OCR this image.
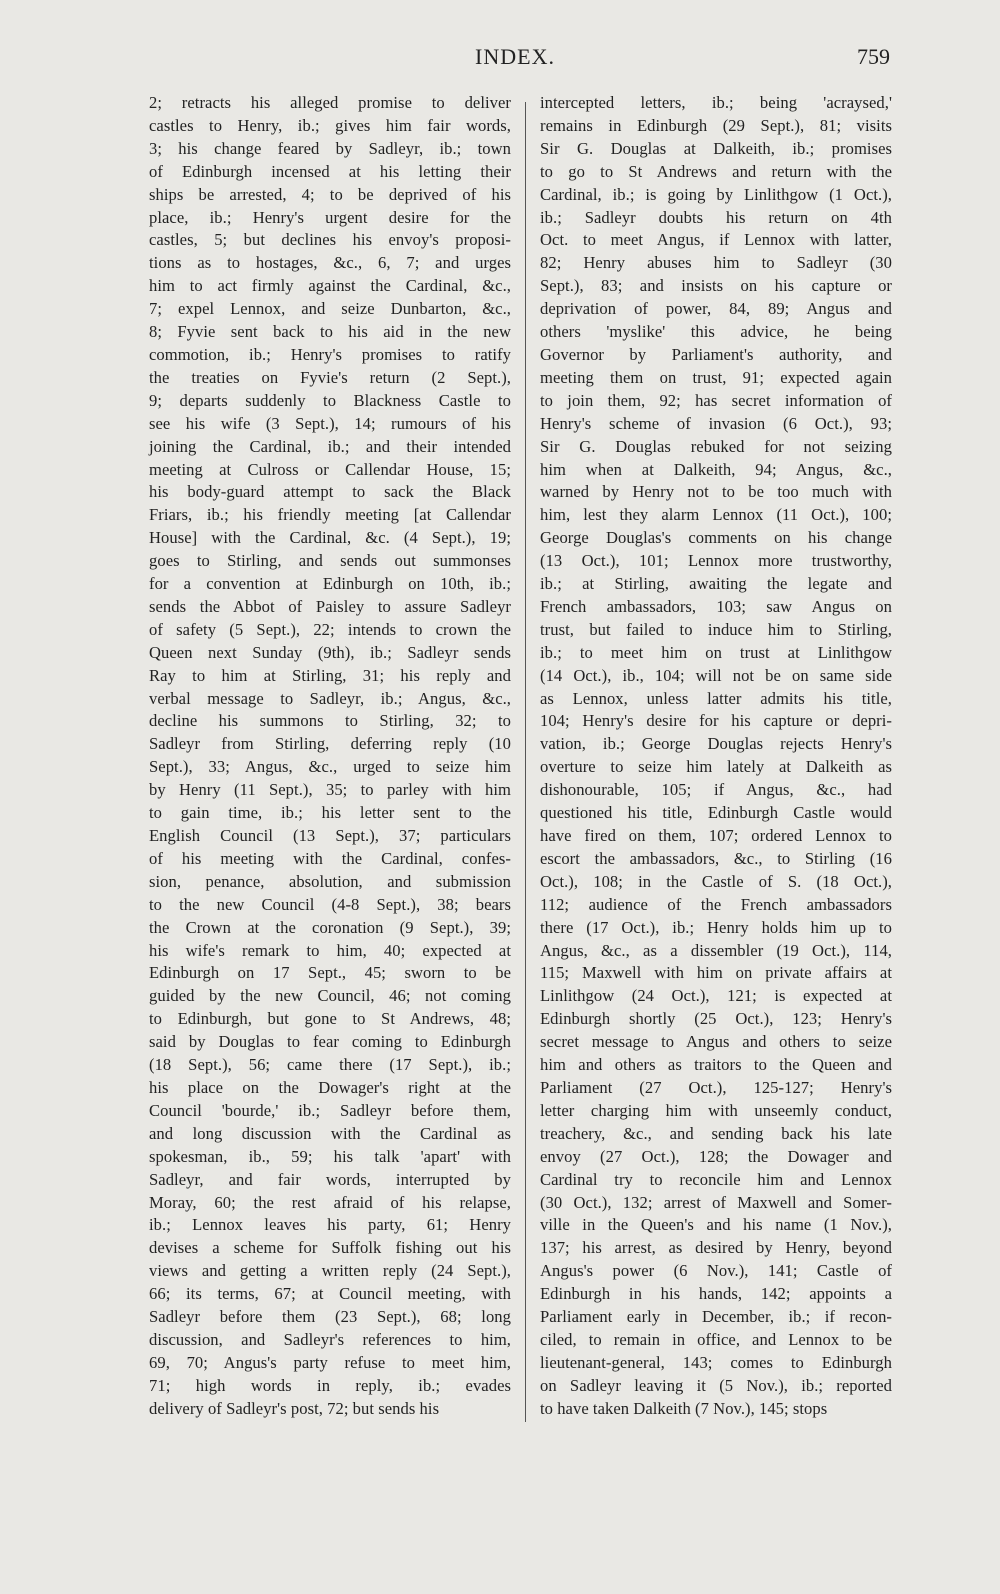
INDEX.	759
2; retracts his alleged promise to deliver
castles to Henry, ib.; gives him fair words,
3; his change feared by Sadleyr, ib.; town
of Edinburgh incensed at his letting their
ships be arrested, 4; to be deprived of his
place, ib.; Henry's urgent desire for the
castles, 5; but declines his envoy's proposi-
tions as to hostages, &c., 6, 7; and urges
him to act firmly against the Cardinal, &c.,
7; expel Lennox, and seize Dunbarton, &c.,
8; Fyvie sent back to his aid in the new
commotion, ib.; Henry's promises to ratify
the treaties on Fyvie's return (2 Sept.),
9; departs suddenly to Blackness Castle to
see his wife (3 Sept.), 14; rumours of his
joining the Cardinal, ib.; and their intended
meeting at Culross or Callendar House, 15;
his body-guard attempt to sack the Black
Friars, ib.; his friendly meeting [at Callendar
House] with the Cardinal, &c. (4 Sept.), 19;
goes to Stirling, and sends out summonses
for a convention at Edinburgh on 10th, ib.;
sends the Abbot of Paisley to assure Sadleyr
of safety (5 Sept.), 22; intends to crown the
Queen next Sunday (9th), ib.; Sadleyr sends
Ray to him at Stirling, 31; his reply and
verbal message to Sadleyr, ib.; Angus, &c.,
decline his summons to Stirling, 32; to
Sadleyr from Stirling, deferring reply (10
Sept.), 33; Angus, &c., urged to seize him
by Henry (11 Sept.), 35; to parley with him
to gain time, ib.; his letter sent to the
English Council (13 Sept.), 37; particulars
of his meeting with the Cardinal, confes-
sion, penance, absolution, and submission
to the new Council (4-8 Sept.), 38; bears
the Crown at the coronation (9 Sept.), 39;
his wife's remark to him, 40; expected at
Edinburgh on 17 Sept., 45; sworn to be
guided by the new Council, 46; not coming
to Edinburgh, but gone to St Andrews, 48;
said by Douglas to fear coming to Edinburgh
(18 Sept.), 56; came there (17 Sept.), ib.;
his place on the Dowager's right at the
Council 'bourde,' ib.; Sadleyr before them,
and long discussion with the Cardinal as
spokesman, ib., 59; his talk 'apart' with
Sadleyr, and fair words, interrupted by
Moray, 60; the rest afraid of his relapse,
ib.; Lennox leaves his party, 61; Henry
devises a scheme for Suffolk fishing out his
views and getting a written reply (24 Sept.),
66; its terms, 67; at Council meeting, with
Sadleyr before them (23 Sept.), 68; long
discussion, and Sadleyr's references to him,
69, 70; Angus's party refuse to meet him,
71; high words in reply, ib.; evades
delivery of Sadleyr's post, 72; but sends his
intercepted letters, ib.; being 'acraysed,'
remains in Edinburgh (29 Sept.), 81; visits
Sir G. Douglas at Dalkeith, ib.; promises
to go to St Andrews and return with the
Cardinal, ib.; is going by Linlithgow (1 Oct.),
ib.; Sadleyr doubts his return on 4th
Oct. to meet Angus, if Lennox with latter,
82; Henry abuses him to Sadleyr (30
Sept.), 83; and insists on his capture or
deprivation of power, 84, 89; Angus and
others 'myslike' this advice, he being
Governor by Parliament's authority, and
meeting them on trust, 91; expected again
to join them, 92; has secret information of
Henry's scheme of invasion (6 Oct.), 93;
Sir G. Douglas rebuked for not seizing
him when at Dalkeith, 94; Angus, &c.,
warned by Henry not to be too much with
him, lest they alarm Lennox (11 Oct.), 100;
George Douglas's comments on his change
(13 Oct.), 101; Lennox more trustworthy,
ib.; at Stirling, awaiting the legate and
French ambassadors, 103; saw Angus on
trust, but failed to induce him to Stirling,
ib.; to meet him on trust at Linlithgow
(14 Oct.), ib., 104; will not be on same side
as Lennox, unless latter admits his title,
104; Henry's desire for his capture or depri-
vation, ib.; George Douglas rejects Henry's
overture to seize him lately at Dalkeith as
dishonourable, 105; if Angus, &c., had
questioned his title, Edinburgh Castle would
have fired on them, 107; ordered Lennox to
escort the ambassadors, &c., to Stirling (16
Oct.), 108; in the Castle of S. (18 Oct.),
112; audience of the French ambassadors
there (17 Oct.), ib.; Henry holds him up to
Angus, &c., as a dissembler (19 Oct.), 114,
115; Maxwell with him on private affairs at
Linlithgow (24 Oct.), 121; is expected at
Edinburgh shortly (25 Oct.), 123; Henry's
secret message to Angus and others to seize
him and others as traitors to the Queen and
Parliament (27 Oct.), 125-127; Henry's
letter charging him with unseemly conduct,
treachery, &c., and sending back his late
envoy (27 Oct.), 128; the Dowager and
Cardinal try to reconcile him and Lennox
(30 Oct.), 132; arrest of Maxwell and Somer-
ville in the Queen's and his name (1 Nov.),
137; his arrest, as desired by Henry, beyond
Angus's power (6 Nov.), 141; Castle of
Edinburgh in his hands, 142; appoints a
Parliament early in December, ib.; if recon-
ciled, to remain in office, and Lennox to be
lieutenant-general, 143; comes to Edinburgh
on Sadleyr leaving it (5 Nov.), ib.; reported
to have taken Dalkeith (7 Nov.), 145; stops
